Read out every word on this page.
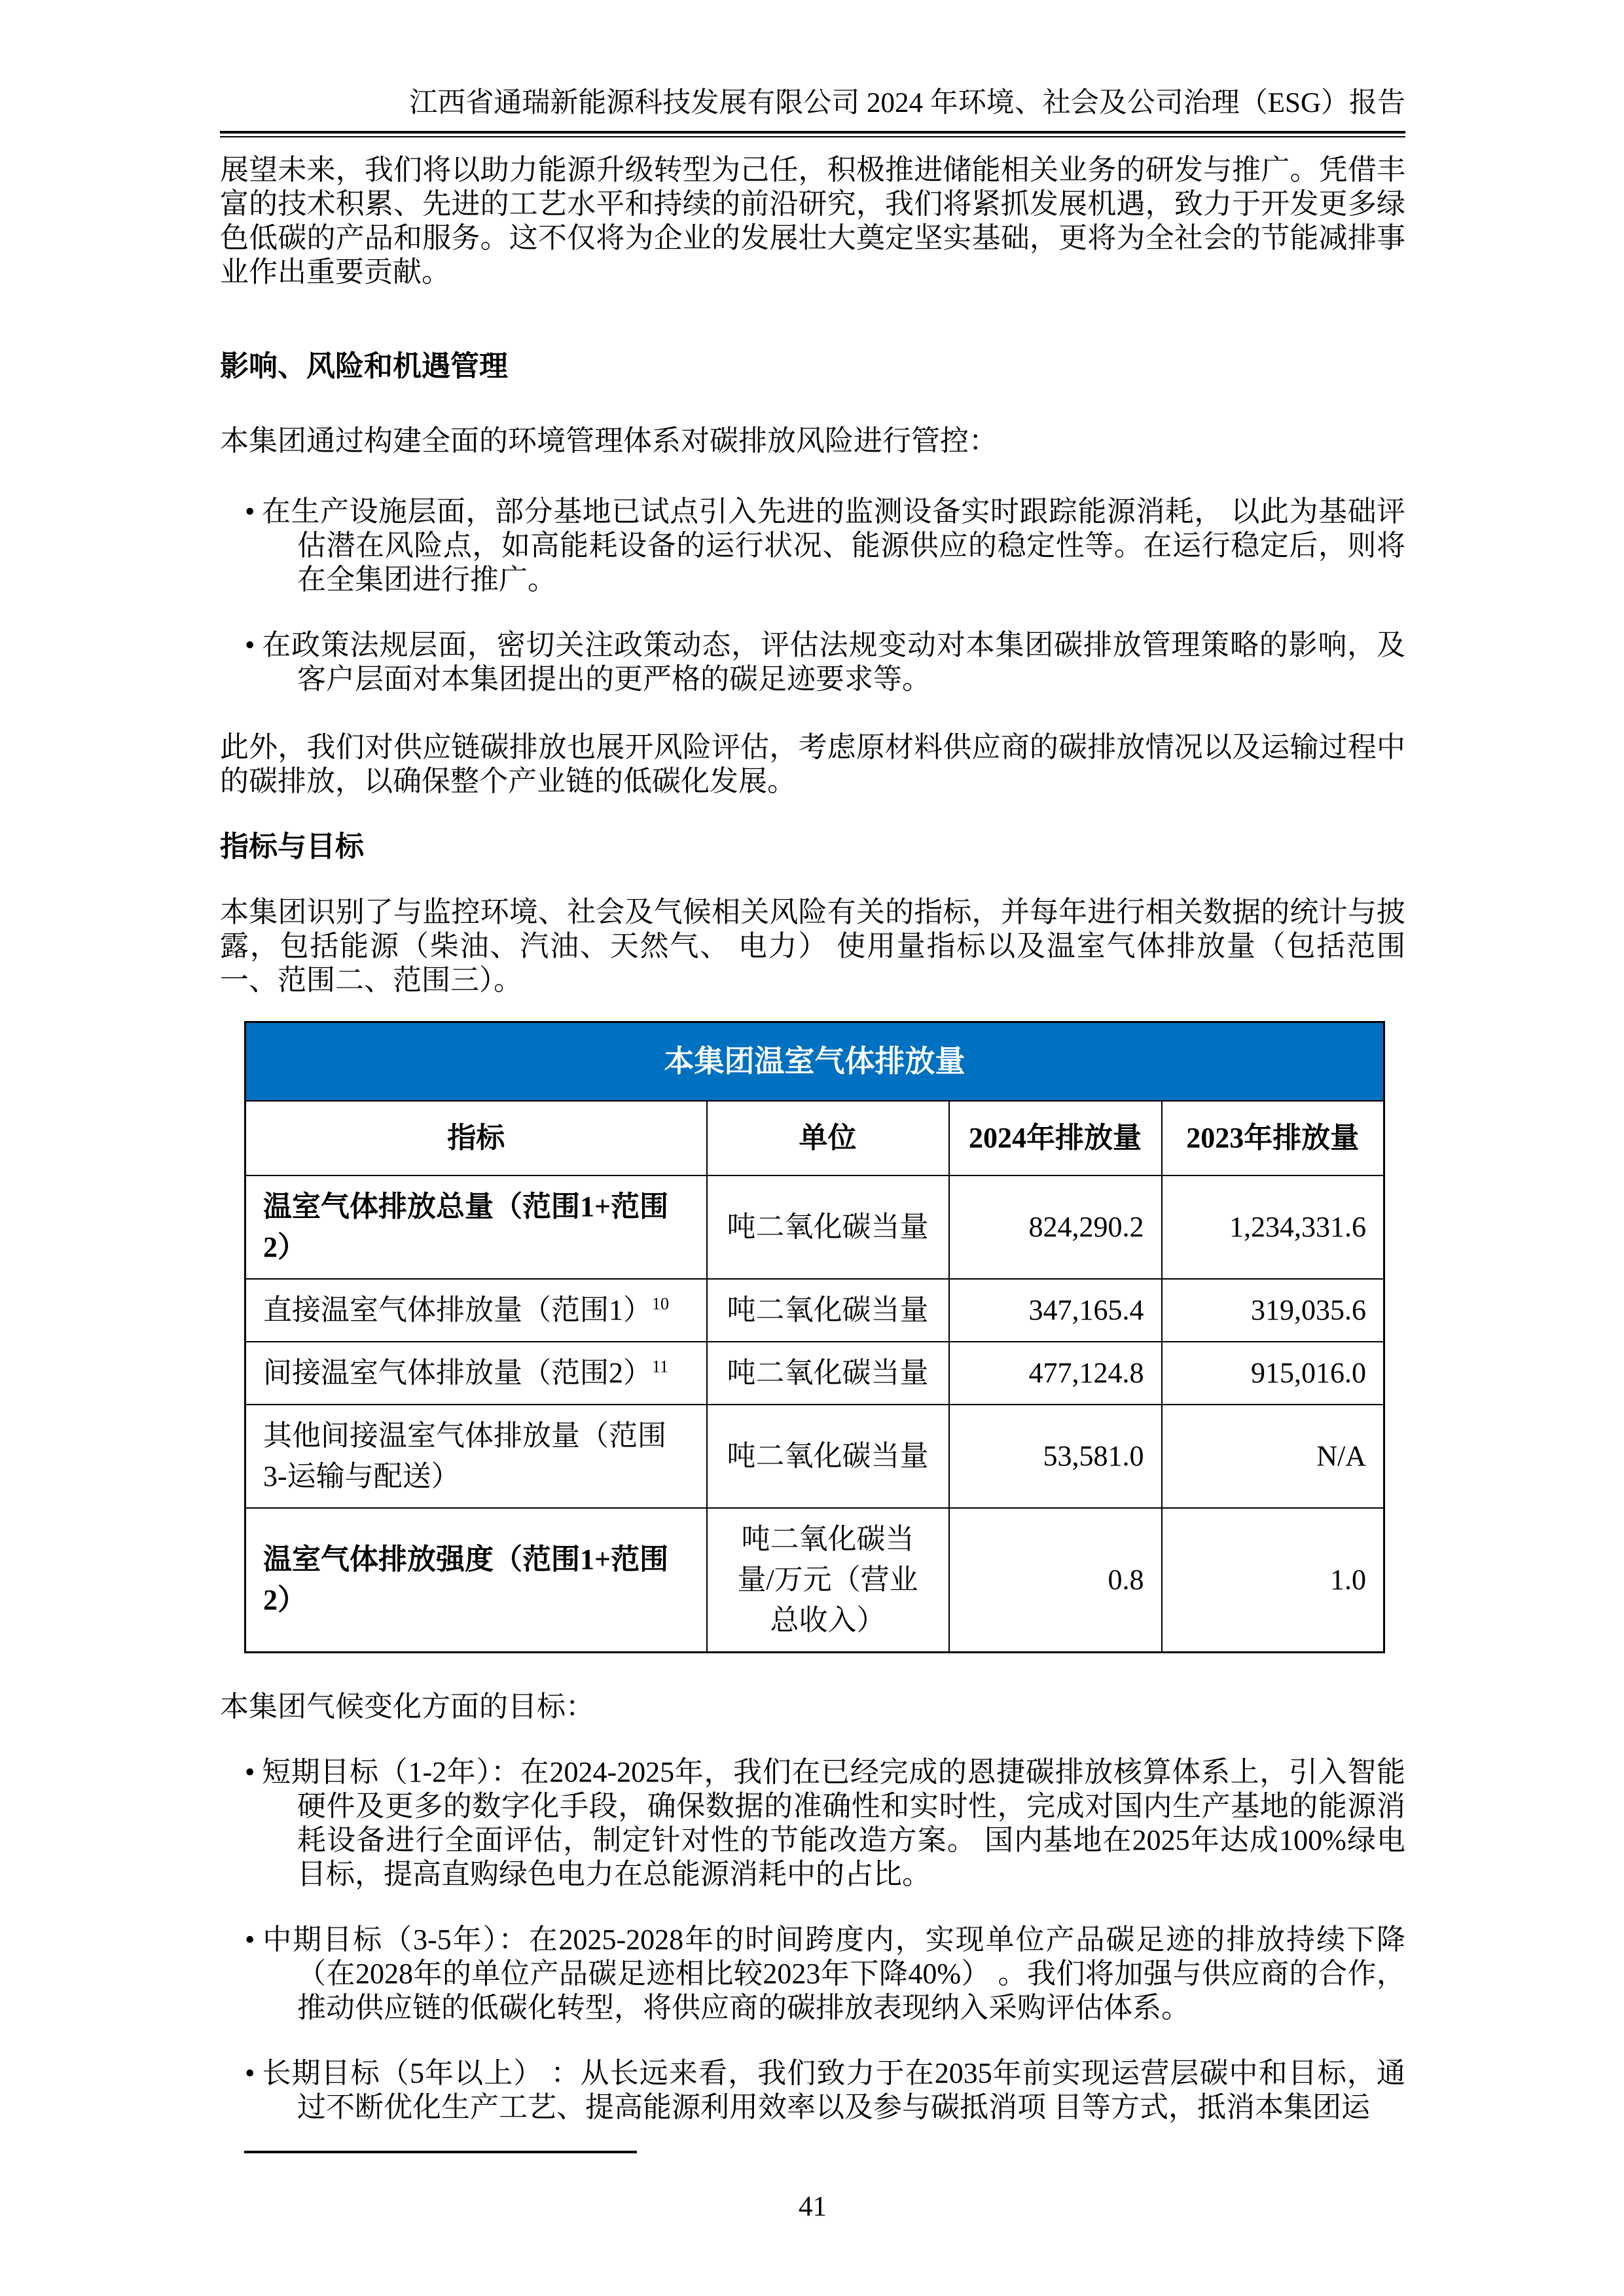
江西省通瑞新能源科技发展有限公司 2024 年环境、社会及公司治理（ESG）报告

展望未来，我们将以助力能源升级转型为己任，积极推进储能相关业务的研发与推广。凭借丰富的技术积累、先进的工艺水平和持续的前沿研究，我们将紧抓发展机遇，致力于开发更多绿色低碳的产品和服务。这不仅将为企业的发展壮大奠定坚实基础，更将为全社会的节能减排事业作出重要贡献。

影响、风险和机遇管理

本集团通过构建全面的环境管理体系对碳排放风险进行管控：

• 在生产设施层面，部分基地已试点引入先进的监测设备实时跟踪能源消耗， 以此为基础评估潜在风险点，如高能耗设备的运行状况、能源供应的稳定性等。在运行稳定后，则将在全集团进行推广。
• 在政策法规层面，密切关注政策动态，评估法规变动对本集团碳排放管理策略的影响，及客户层面对本集团提出的更严格的碳足迹要求等。

此外，我们对供应链碳排放也展开风险评估，考虑原材料供应商的碳排放情况以及运输过程中的碳排放，以确保整个产业链的低碳化发展。

指标与目标

本集团识别了与监控环境、社会及气候相关风险有关的指标，并每年进行相关数据的统计与披露，包括能源（柴油、汽油、天然气、 电力） 使用量指标以及温室气体排放量（包括范围一、范围二、范围三）。

本集团温室气体排放量			
指标	单位	2024年排放量	2023年排放量
温室气体排放总量（范围1+范围2）	吨二氧化碳当量	824,290.2	1,234,331.6
直接温室气体排放量（范围1）$^{10}$	吨二氧化碳当量	347,165.4	319,035.6
间接温室气体排放量（范围2）$^{11}$	吨二氧化碳当量	477,124.8	915,016.0
其他间接温室气体排放量（范围3-运输与配送）	吨二氧化碳当量	53,581.0	N/A
温室气体排放强度（范围1+范围2）	吨二氧化碳当量/万元（营业总收入）	0.8	1.0

本集团气候变化方面的目标：

• 短期目标（1-2年）：在2024-2025年，我们在已经完成的恩捷碳排放核算体系上，引入智能硬件及更多的数字化手段，确保数据的准确性和实时性，完成对国内生产基地的能源消耗设备进行全面评估，制定针对性的节能改造方案。 国内基地在2025年达成100%绿电目标，提高直购绿色电力在总能源消耗中的占比。
• 中期目标（3-5年）：在2025-2028年的时间跨度内，实现单位产品碳足迹的排放持续下降（在2028年的单位产品碳足迹相比较2023年下降40%） 。我们将加强与供应商的合作，推动供应链的低碳化转型，将供应商的碳排放表现纳入采购评估体系。
• 长期目标（5年以上） ：从长远来看，我们致力于在2035年前实现运营层碳中和目标，通过不断优化生产工艺、提高能源利用效率以及参与碳抵消项 目等方式，抵消本集团运
41
